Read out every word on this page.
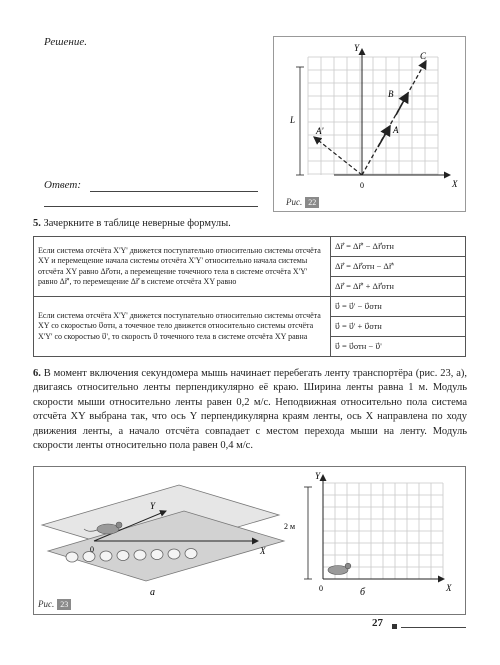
Решение.
Ответ:
Y
X
0
L
A'	A
B
C
Рис. 22
5. Зачеркните в таблице неверные формулы.
Если система отсчёта X'Y' движется поступательно относительно системы отсчёта XY и перемещение начала системы отсчёта X'Y' относительно начала системы отсчёта XY равно Δr⃗отн, а перемещение точечного тела в системе отсчёта X'Y' равно Δr⃗', то перемещение Δr⃗ в системе отсчёта XY равно	Δr⃗ = Δr⃗' − Δr⃗отн
	Δr⃗ = Δr⃗отн − Δr⃗'
	Δr⃗ = Δr⃗' + Δr⃗отн
Если система отсчёта X'Y' движется поступательно относительно системы отсчёта XY со скоростью υ⃗отн, а точечное тело движется относительно системы отсчёта X'Y' со скоростью υ⃗', то скорость υ⃗ точечного тела в системе отсчёта XY равна	υ⃗ = υ⃗' − υ⃗отн
	υ⃗ = υ⃗' + υ⃗отн
	υ⃗ = υ⃗отн − υ⃗'
6. В момент включения секундомера мышь начинает перебегать ленту транспортёра (рис. 23, а), двигаясь относительно ленты перпендикулярно её краю. Ширина ленты равна 1 м. Модуль скорости мыши относительно ленты равен 0,2 м/с. Неподвижная относительно пола система отсчёта XY выбрана так, что ось Y перпендикулярна краям ленты, ось X направлена по ходу движения ленты, а начало отсчёта совпадает с местом перехода мыши на ленту. Модуль скорости ленты относительно пола равен 0,4 м/с.
Y
X
0
а
Y
X
0
2 м
б
Рис. 23
27
